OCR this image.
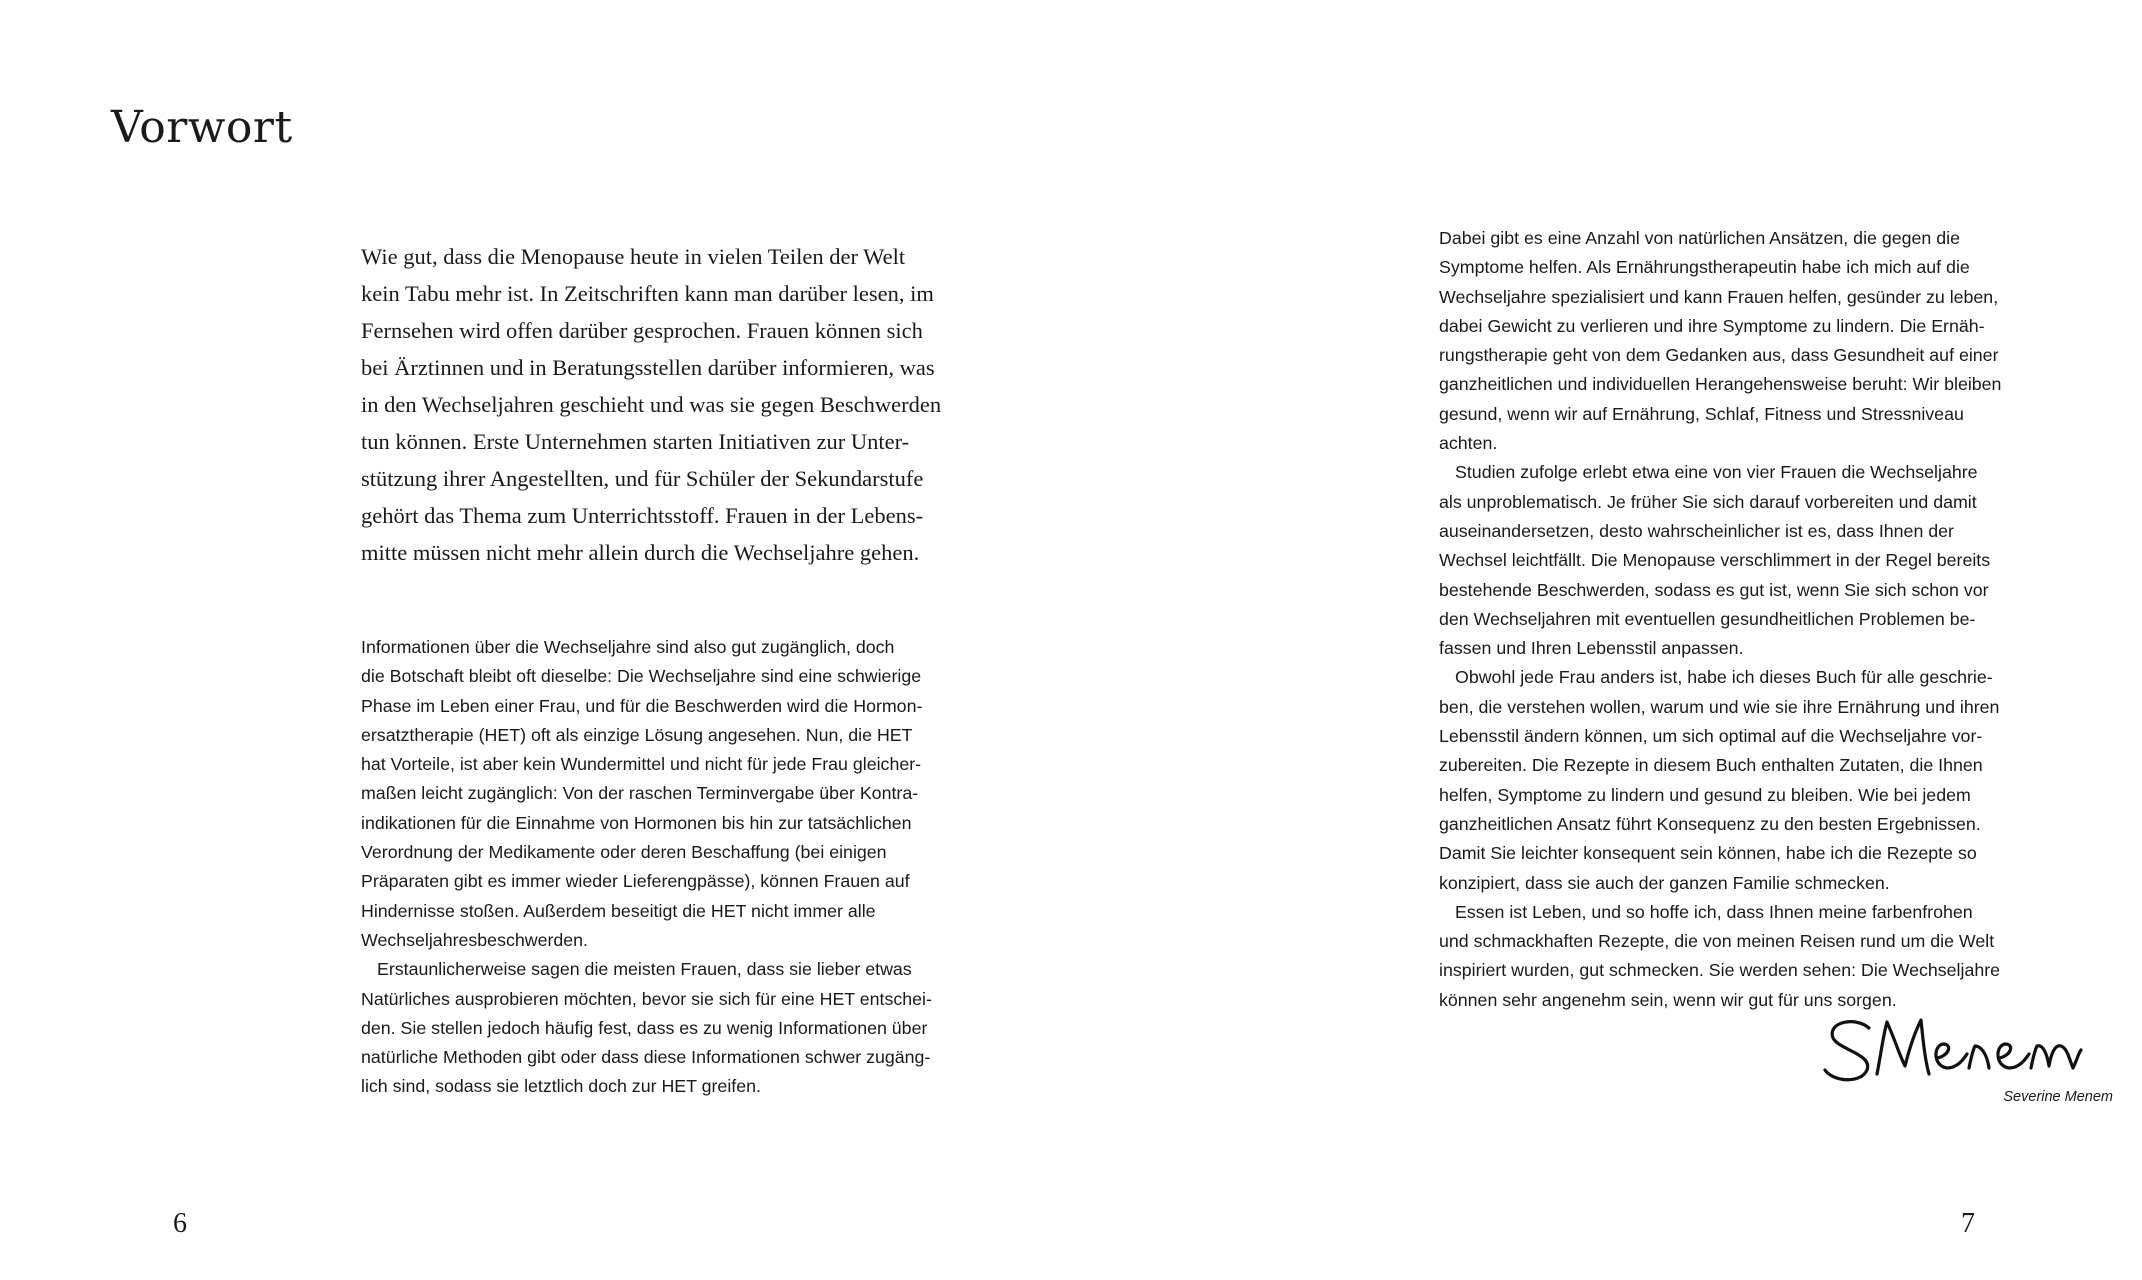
Vorwort
Wie gut, dass die Menopause heute in vielen Teilen der Welt
kein Tabu mehr ist. In Zeitschriften kann man darüber lesen, im
Fernsehen wird offen darüber gesprochen. Frauen können sich
bei Ärztinnen und in Beratungsstellen darüber informieren, was
in den Wechseljahren geschieht und was sie gegen Beschwerden
tun können. Erste Unternehmen starten Initiativen zur Unter-
stützung ihrer Angestellten, und für Schüler der Sekundarstufe
gehört das Thema zum Unterrichtsstoff. Frauen in der Lebens-
mitte müssen nicht mehr allein durch die Wechseljahre gehen.
Informationen über die Wechseljahre sind also gut zugänglich, doch
die Botschaft bleibt oft dieselbe: Die Wechseljahre sind eine schwierige
Phase im Leben einer Frau, und für die Beschwerden wird die Hormon-
ersatztherapie (HET) oft als einzige Lösung angesehen. Nun, die HET
hat Vorteile, ist aber kein Wundermittel und nicht für jede Frau gleicher-
maßen leicht zugänglich: Von der raschen Terminvergabe über Kontra-
indikationen für die Einnahme von Hormonen bis hin zur tatsächlichen
Verordnung der Medikamente oder deren Beschaffung (bei einigen
Präparaten gibt es immer wieder Lieferengpässe), können Frauen auf
Hindernisse stoßen. Außerdem beseitigt die HET nicht immer alle
Wechseljahresbeschwerden.
Erstaunlicherweise sagen die meisten Frauen, dass sie lieber etwas
Natürliches ausprobieren möchten, bevor sie sich für eine HET entschei-
den. Sie stellen jedoch häufig fest, dass es zu wenig Informationen über
natürliche Methoden gibt oder dass diese Informationen schwer zugäng-
lich sind, sodass sie letztlich doch zur HET greifen.
6
Dabei gibt es eine Anzahl von natürlichen Ansätzen, die gegen die
Symptome helfen. Als Ernährungstherapeutin habe ich mich auf die
Wechseljahre spezialisiert und kann Frauen helfen, gesünder zu leben,
dabei Gewicht zu verlieren und ihre Symptome zu lindern. Die Ernäh-
rungstherapie geht von dem Gedanken aus, dass Gesundheit auf einer
ganzheitlichen und individuellen Herangehensweise beruht: Wir bleiben
gesund, wenn wir auf Ernährung, Schlaf, Fitness und Stressniveau
achten.
Studien zufolge erlebt etwa eine von vier Frauen die Wechseljahre
als unproblematisch. Je früher Sie sich darauf vorbereiten und damit
auseinandersetzen, desto wahrscheinlicher ist es, dass Ihnen der
Wechsel leichtfällt. Die Menopause verschlimmert in der Regel bereits
bestehende Beschwerden, sodass es gut ist, wenn Sie sich schon vor
den Wechseljahren mit eventuellen gesundheitlichen Problemen be-
fassen und Ihren Lebensstil anpassen.
Obwohl jede Frau anders ist, habe ich dieses Buch für alle geschrie-
ben, die verstehen wollen, warum und wie sie ihre Ernährung und ihren
Lebensstil ändern können, um sich optimal auf die Wechseljahre vor-
zubereiten. Die Rezepte in diesem Buch enthalten Zutaten, die Ihnen
helfen, Symptome zu lindern und gesund zu bleiben. Wie bei jedem
ganzheitlichen Ansatz führt Konsequenz zu den besten Ergebnissen.
Damit Sie leichter konsequent sein können, habe ich die Rezepte so
konzipiert, dass sie auch der ganzen Familie schmecken.
Essen ist Leben, und so hoffe ich, dass Ihnen meine farbenfrohen
und schmackhaften Rezepte, die von meinen Reisen rund um die Welt
inspiriert wurden, gut schmecken. Sie werden sehen: Die Wechseljahre
können sehr angenehm sein, wenn wir gut für uns sorgen.
Severine Menem
7
